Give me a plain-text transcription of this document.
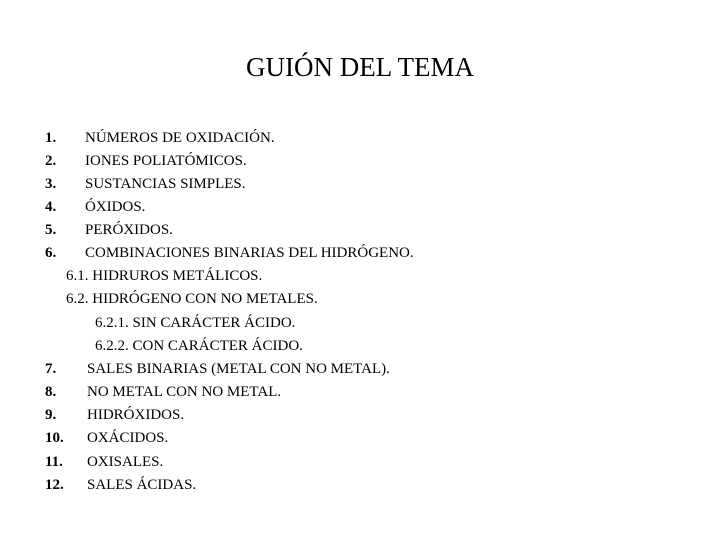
GUIÓN DEL TEMA
1. NÚMEROS DE OXIDACIÓN.
2. IONES POLIATÓMICOS.
3. SUSTANCIAS SIMPLES.
4. ÓXIDOS.
5. PERÓXIDOS.
6. COMBINACIONES BINARIAS DEL HIDRÓGENO.
6.1. HIDRUROS METÁLICOS.
6.2. HIDRÓGENO CON NO METALES.
6.2.1. SIN CARÁCTER ÁCIDO.
6.2.2. CON CARÁCTER ÁCIDO.
7. SALES BINARIAS (METAL CON NO METAL).
8. NO METAL CON NO METAL.
9. HIDRÓXIDOS.
10. OXÁCIDOS.
11. OXISALES.
12. SALES ÁCIDAS.
